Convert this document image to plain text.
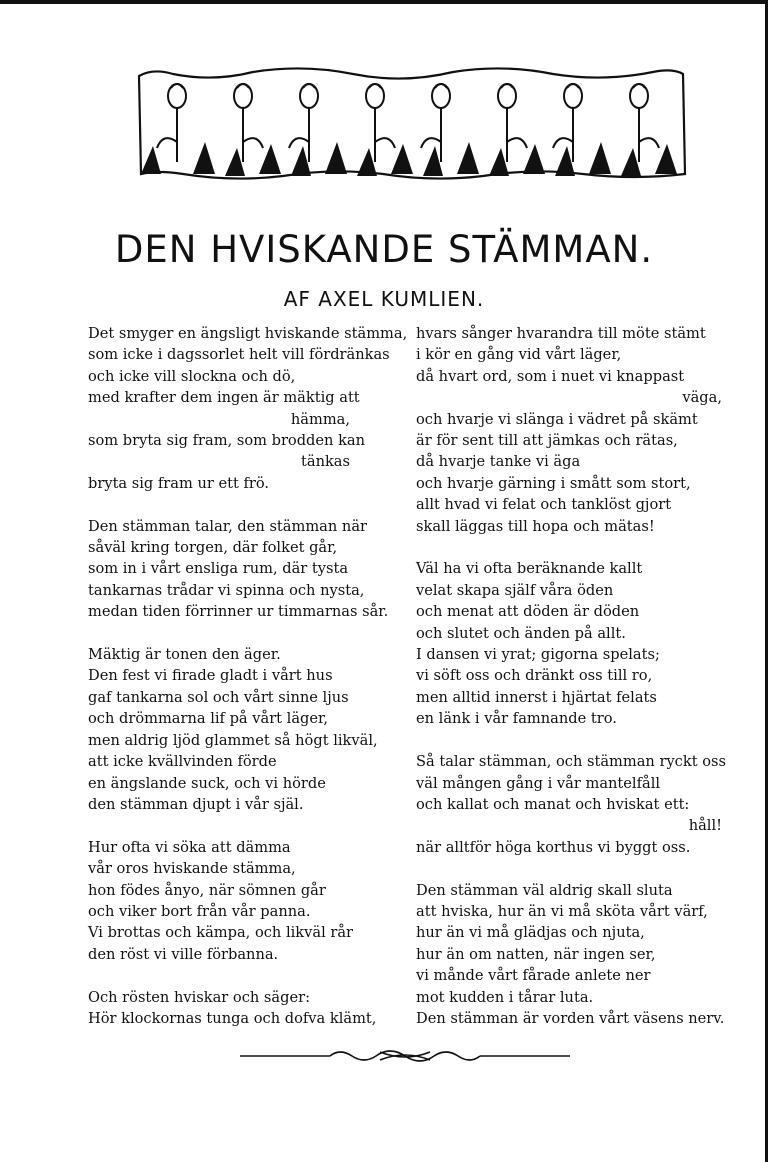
DEN HVISKANDE STÄMMAN.
AF AXEL KUMLIEN.
Det smyger en ängsligt hviskande stämma,
som icke i dagssorlet helt vill fördränkas
och icke vill slockna och dö,
med krafter dem ingen är mäktig att
hämma,
som bryta sig fram, som brodden kan
tänkas
bryta sig fram ur ett frö.
Den stämman talar, den stämman när
såväl kring torgen, där folket går,
som in i vårt ensliga rum, där tysta
tankarnas trådar vi spinna och nysta,
medan tiden förrinner ur timmarnas sår.
Mäktig är tonen den äger.
Den fest vi firade gladt i vårt hus
gaf tankarna sol och vårt sinne ljus
och drömmarna lif på vårt läger,
men aldrig ljöd glammet så högt likväl,
att icke kvällvinden förde
en ängslande suck, och vi hörde
den stämman djupt i vår själ.
Hur ofta vi söka att dämma
vår oros hviskande stämma,
hon födes ånyo, när sömnen går
och viker bort från vår panna.
Vi brottas och kämpa, och likväl rår
den röst vi ville förbanna.
Och rösten hviskar och säger:
Hör klockornas tunga och dofva klämt,
hvars sånger hvarandra till möte stämt
i kör en gång vid vårt läger,
då hvart ord, som i nuet vi knappast
väga,
och hvarje vi slänga i vädret på skämt
är för sent till att jämkas och rätas,
då hvarje tanke vi äga
och hvarje gärning i smått som stort,
allt hvad vi felat och tanklöst gjort
skall läggas till hopa och mätas!
Väl ha vi ofta beräknande kallt
velat skapa själf våra öden
och menat att döden är döden
och slutet och änden på allt.
I dansen vi yrat; gigorna spelats;
vi söft oss och dränkt oss till ro,
men alltid innerst i hjärtat felats
en länk i vår famnande tro.
Så talar stämman, och stämman ryckt oss
väl mången gång i vår mantelfåll
och kallat och manat och hviskat ett:
håll!
när alltför höga korthus vi byggt oss.
Den stämman väl aldrig skall sluta
att hviska, hur än vi må sköta vårt värf,
hur än vi må glädjas och njuta,
hur än om natten, när ingen ser,
vi månde vårt fårade anlete ner
mot kudden i tårar luta.
Den stämman är vorden vårt väsens nerv.
